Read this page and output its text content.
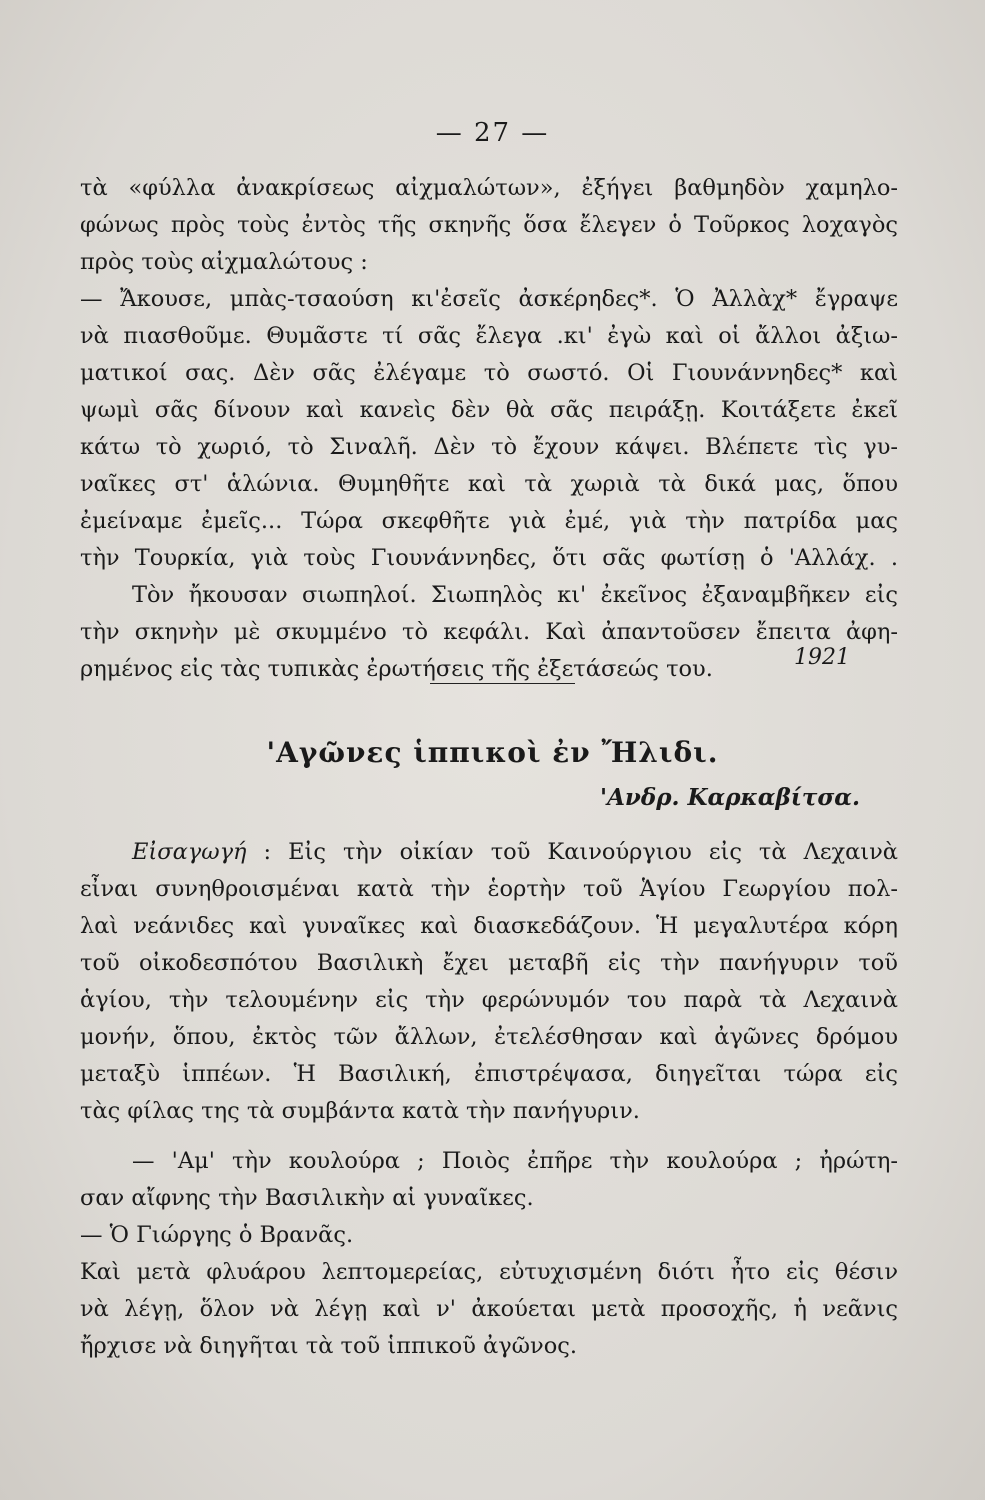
— 27 —
τὰ «φύλλα ἀνακρίσεως αἰχμαλώτων», ἐξήγει βαθμηδὸν χαμηλο-
φώνως πρὸς τοὺς ἐντὸς τῆς σκηνῆς ὅσα ἔλεγεν ὁ Τοῦρκος λοχαγὸς
πρὸς τοὺς αἰχμαλώτους :
— Ἄκουσε, μπὰς-τσαούση κι'ἐσεῖς ἀσκέρηδες*. Ὁ Ἀλλὰχ* ἔγραψε
νὰ πιασθοῦμε. Θυμᾶστε τί σᾶς ἔλεγα .κι' ἐγὼ καὶ οἱ ἄλλοι ἀξιω-
ματικοί σας. Δὲν σᾶς ἐλέγαμε τὸ σωστό. Οἱ Γιουνάννηδες* καὶ
ψωμὶ σᾶς δίνουν καὶ κανεὶς δὲν θὰ σᾶς πειράξῃ. Κοιτάξετε ἐκεῖ
κάτω τὸ χωριό, τὸ Σιναλῆ. Δὲν τὸ ἔχουν κάψει. Βλέπετε τὶς γυ-
ναῖκες στ' ἁλώνια. Θυμηθῆτε καὶ τὰ χωριὰ τὰ δικά μας, ὅπου
ἐμείναμε ἐμεῖς... Τώρα σκεφθῆτε γιὰ ἐμέ, γιὰ τὴν πατρίδα μας
τὴν Τουρκία, γιὰ τοὺς Γιουνάννηδες, ὅτι σᾶς φωτίσῃ ὁ 'Αλλάχ. .
Τὸν ἤκουσαν σιωπηλοί. Σιωπηλὸς κι' ἐκεῖνος ἐξαναμβῆκεν εἰς
τὴν σκηνὴν μὲ σκυμμένο τὸ κεφάλι. Καὶ ἀπαντοῦσεν ἔπειτα ἀφη-
ρημένος εἰς τὰς τυπικὰς ἐρωτήσεις τῆς ἐξετάσεώς του.	1921
'Αγῶνες ἱππικοὶ ἐν Ἤλιδι.
'Ανδρ. Καρκαβίτσα.
Εἰσαγωγή : Εἰς τὴν οἰκίαν τοῦ Καινούργιου εἰς τὰ Λεχαινὰ
εἶναι συνηθροισμέναι κατὰ τὴν ἑορτὴν τοῦ Ἁγίου Γεωργίου πολ-
λαὶ νεάνιδες καὶ γυναῖκες καὶ διασκεδάζουν. Ἡ μεγαλυτέρα κόρη
τοῦ οἰκοδεσπότου Βασιλικὴ ἔχει μεταβῆ εἰς τὴν πανήγυριν τοῦ
ἁγίου, τὴν τελουμένην εἰς τὴν φερώνυμόν του παρὰ τὰ Λεχαινὰ
μονήν, ὅπου, ἐκτὸς τῶν ἄλλων, ἐτελέσθησαν καὶ ἀγῶνες δρόμου
μεταξὺ ἱππέων. Ἡ Βασιλική, ἐπιστρέψασα, διηγεῖται τώρα εἰς
τὰς φίλας της τὰ συμβάντα κατὰ τὴν πανήγυριν.
— 'Αμ' τὴν κουλούρα ; Ποιὸς ἐπῆρε τὴν κουλούρα ; ἠρώτη-
σαν αἴφνης τὴν Βασιλικὴν αἱ γυναῖκες.
— Ὁ Γιώργης ὁ Βρανᾶς.
Καὶ μετὰ φλυάρου λεπτομερείας, εὐτυχισμένη διότι ἦτο εἰς θέσιν
νὰ λέγῃ, ὅλον νὰ λέγῃ καὶ ν' ἀκούεται μετὰ προσοχῆς, ἡ νεᾶνις
ἤρχισε νὰ διηγῆται τὰ τοῦ ἱππικοῦ ἀγῶνος.
